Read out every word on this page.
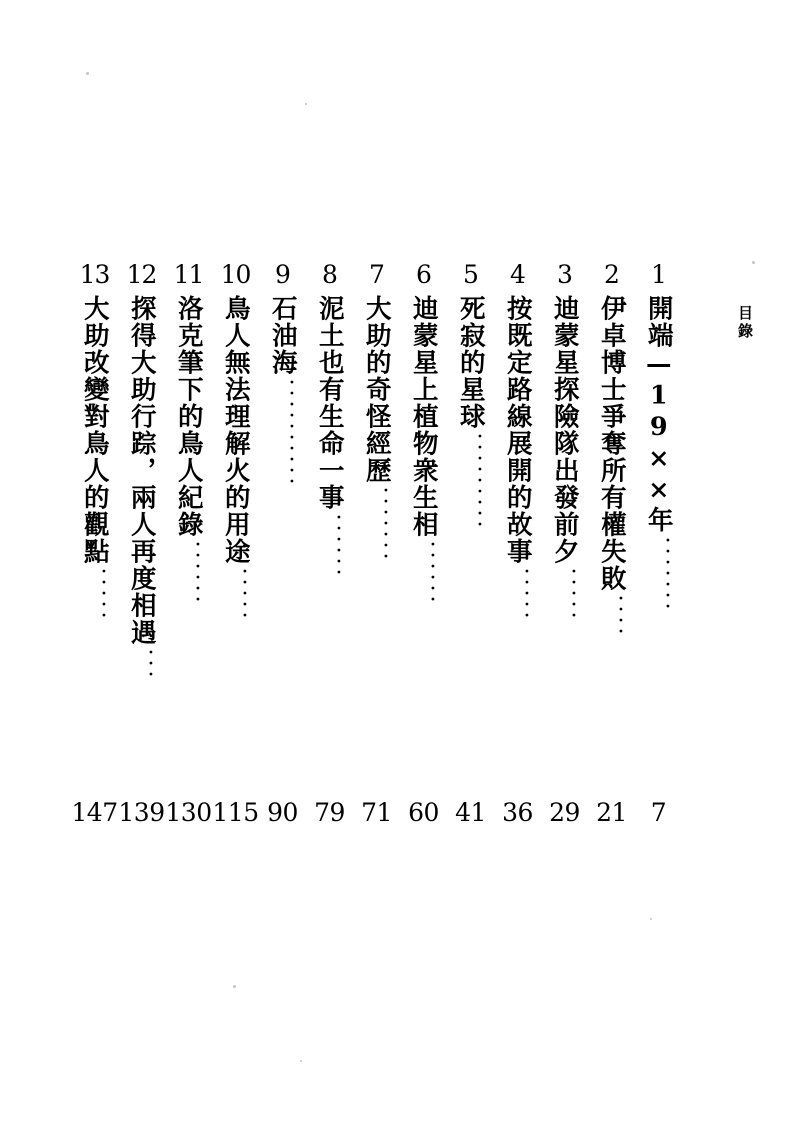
目錄
1
開端—19××年
．．．．．．．
2
伊卓博士爭奪所有權失敗
．．．．
3
迪蒙星探險隊出發前夕
．．．．．
4
按既定路線展開的故事
．．．．．
5
死寂的星球
．．．．．．．．．
6
迪蒙星上植物衆生相
．．．．．．
7
大助的奇怪經歷
．．．．．．．
8
泥土也有生命一事
．．．．．．
9
石油海
．．．．．．．．．．
10
鳥人無法理解火的用途
．．．．．
11
洛克筆下的鳥人紀錄
．．．．．．
12
探得大助行踪，兩人再度相遇
．．．
13
大助改變對鳥人的觀點
．．．．．
7
21
29
36
41
60
71
79
90
115
130
139
147
